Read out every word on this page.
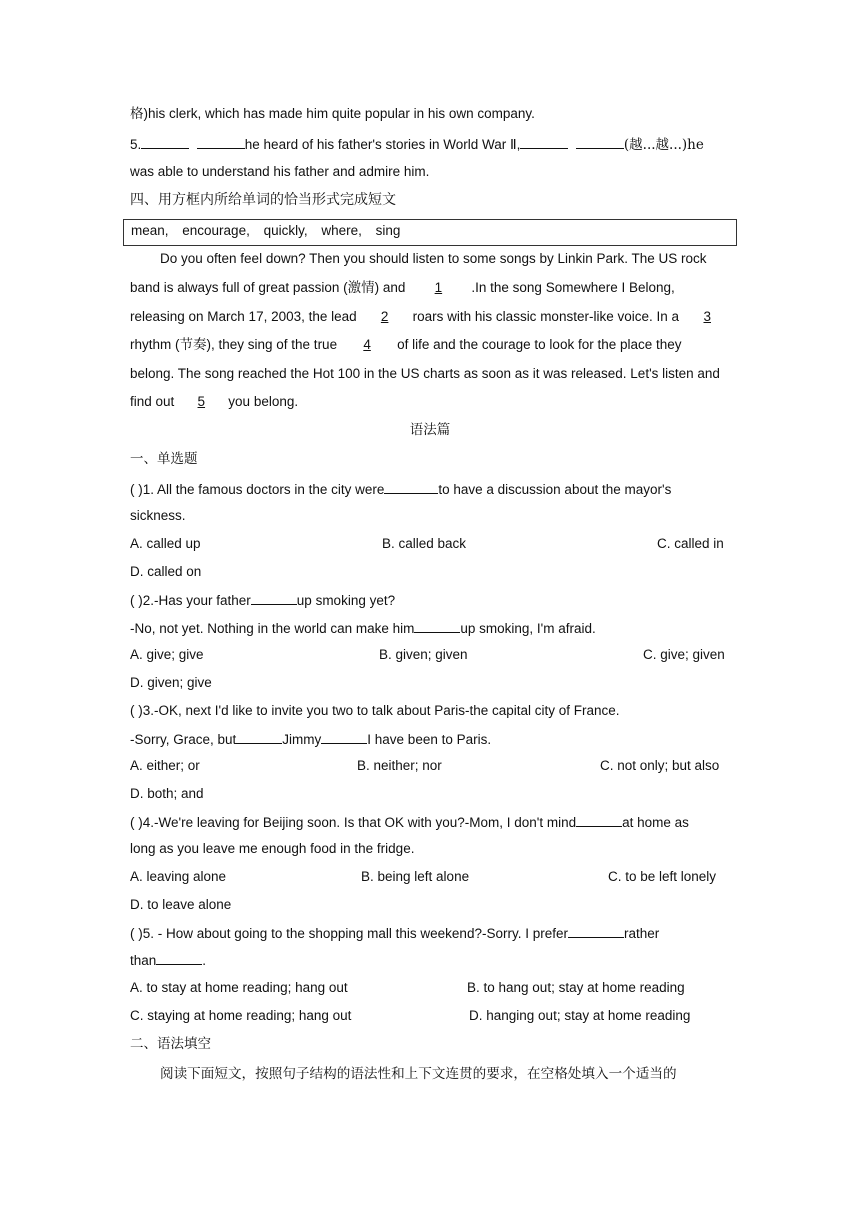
格)his clerk, which has made him quite popular in his own company.
5.	he heard of his father's stories in World War Ⅱ,	(越...越...)he
was able to understand his father and admire him.
四、用方框内所给单词的恰当形式完成短文
mean, encourage, quickly, where, sing
Do you often feel down? Then you should listen to some songs by Linkin Park. The US rock
band is always full of great passion (激情) and 1 .In the song Somewhere I Belong,
releasing on March 17, 2003, the lead 2 roars with his classic monster-like voice. In a 3
rhythm (节奏), they sing of the true 4 of life and the courage to look for the place they
belong. The song reached the Hot 100 in the US charts as soon as it was released. Let's listen and
find out 5 you belong.
语法篇
一、单选题
( )1. All the famous doctors in the city were	to have a discussion about the mayor's
sickness.
A. called up	B. called back	C. called in
D. called on
( )2.-Has your father	up smoking yet?
-No, not yet. Nothing in the world can make him	up smoking, I'm afraid.
A. give; give	B. given; given	C. give; given
D. given; give
( )3.-OK, next I'd like to invite you two to talk about Paris-the capital city of France.
-Sorry, Grace, but	Jimmy	I have been to Paris.
A. either; or	B. neither; nor	C. not only; but also
D. both; and
( )4.-We're leaving for Beijing soon. Is that OK with you?-Mom, I don't mind	at home as
long as you leave me enough food in the fridge.
A. leaving alone	B. being left alone	C. to be left lonely
D. to leave alone
( )5. - How about going to the shopping mall this weekend?-Sorry. I prefer	rather
than	.
A. to stay at home reading; hang out	B. to hang out; stay at home reading
C. staying at home reading; hang out	D. hanging out; stay at home reading
二、语法填空
阅读下面短文，按照句子结构的语法性和上下文连贯的要求，在空格处填入一个适当的
